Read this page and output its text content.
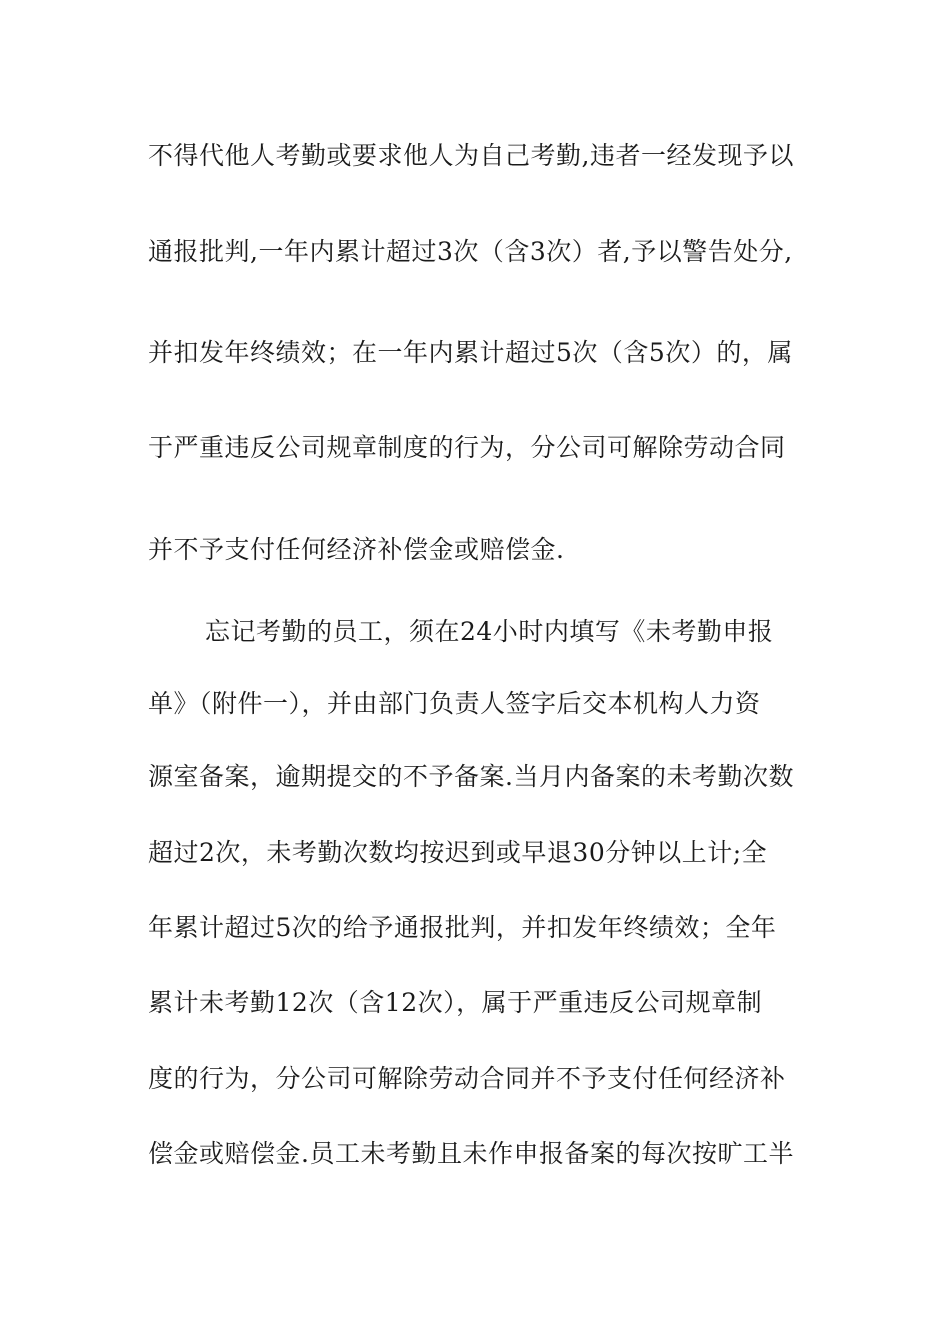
不得代他人考勤或要求他人为自己考勤,违者一经发现予以
通报批判,一年内累计超过3次（含3次）者,予以警告处分,
并扣发年终绩效；在一年内累计超过5次（含5次）的，属
于严重违反公司规章制度的行为，分公司可解除劳动合同
并不予支付任何经济补偿金或赔偿金.
忘记考勤的员工，须在24小时内填写《未考勤申报
单》（附件一），并由部门负责人签字后交本机构人力资
源室备案，逾期提交的不予备案.当月内备案的未考勤次数
超过2次，未考勤次数均按迟到或早退30分钟以上计;全
年累计超过5次的给予通报批判，并扣发年终绩效；全年
累计未考勤12次（含12次），属于严重违反公司规章制
度的行为，分公司可解除劳动合同并不予支付任何经济补
偿金或赔偿金.员工未考勤且未作申报备案的每次按旷工半
